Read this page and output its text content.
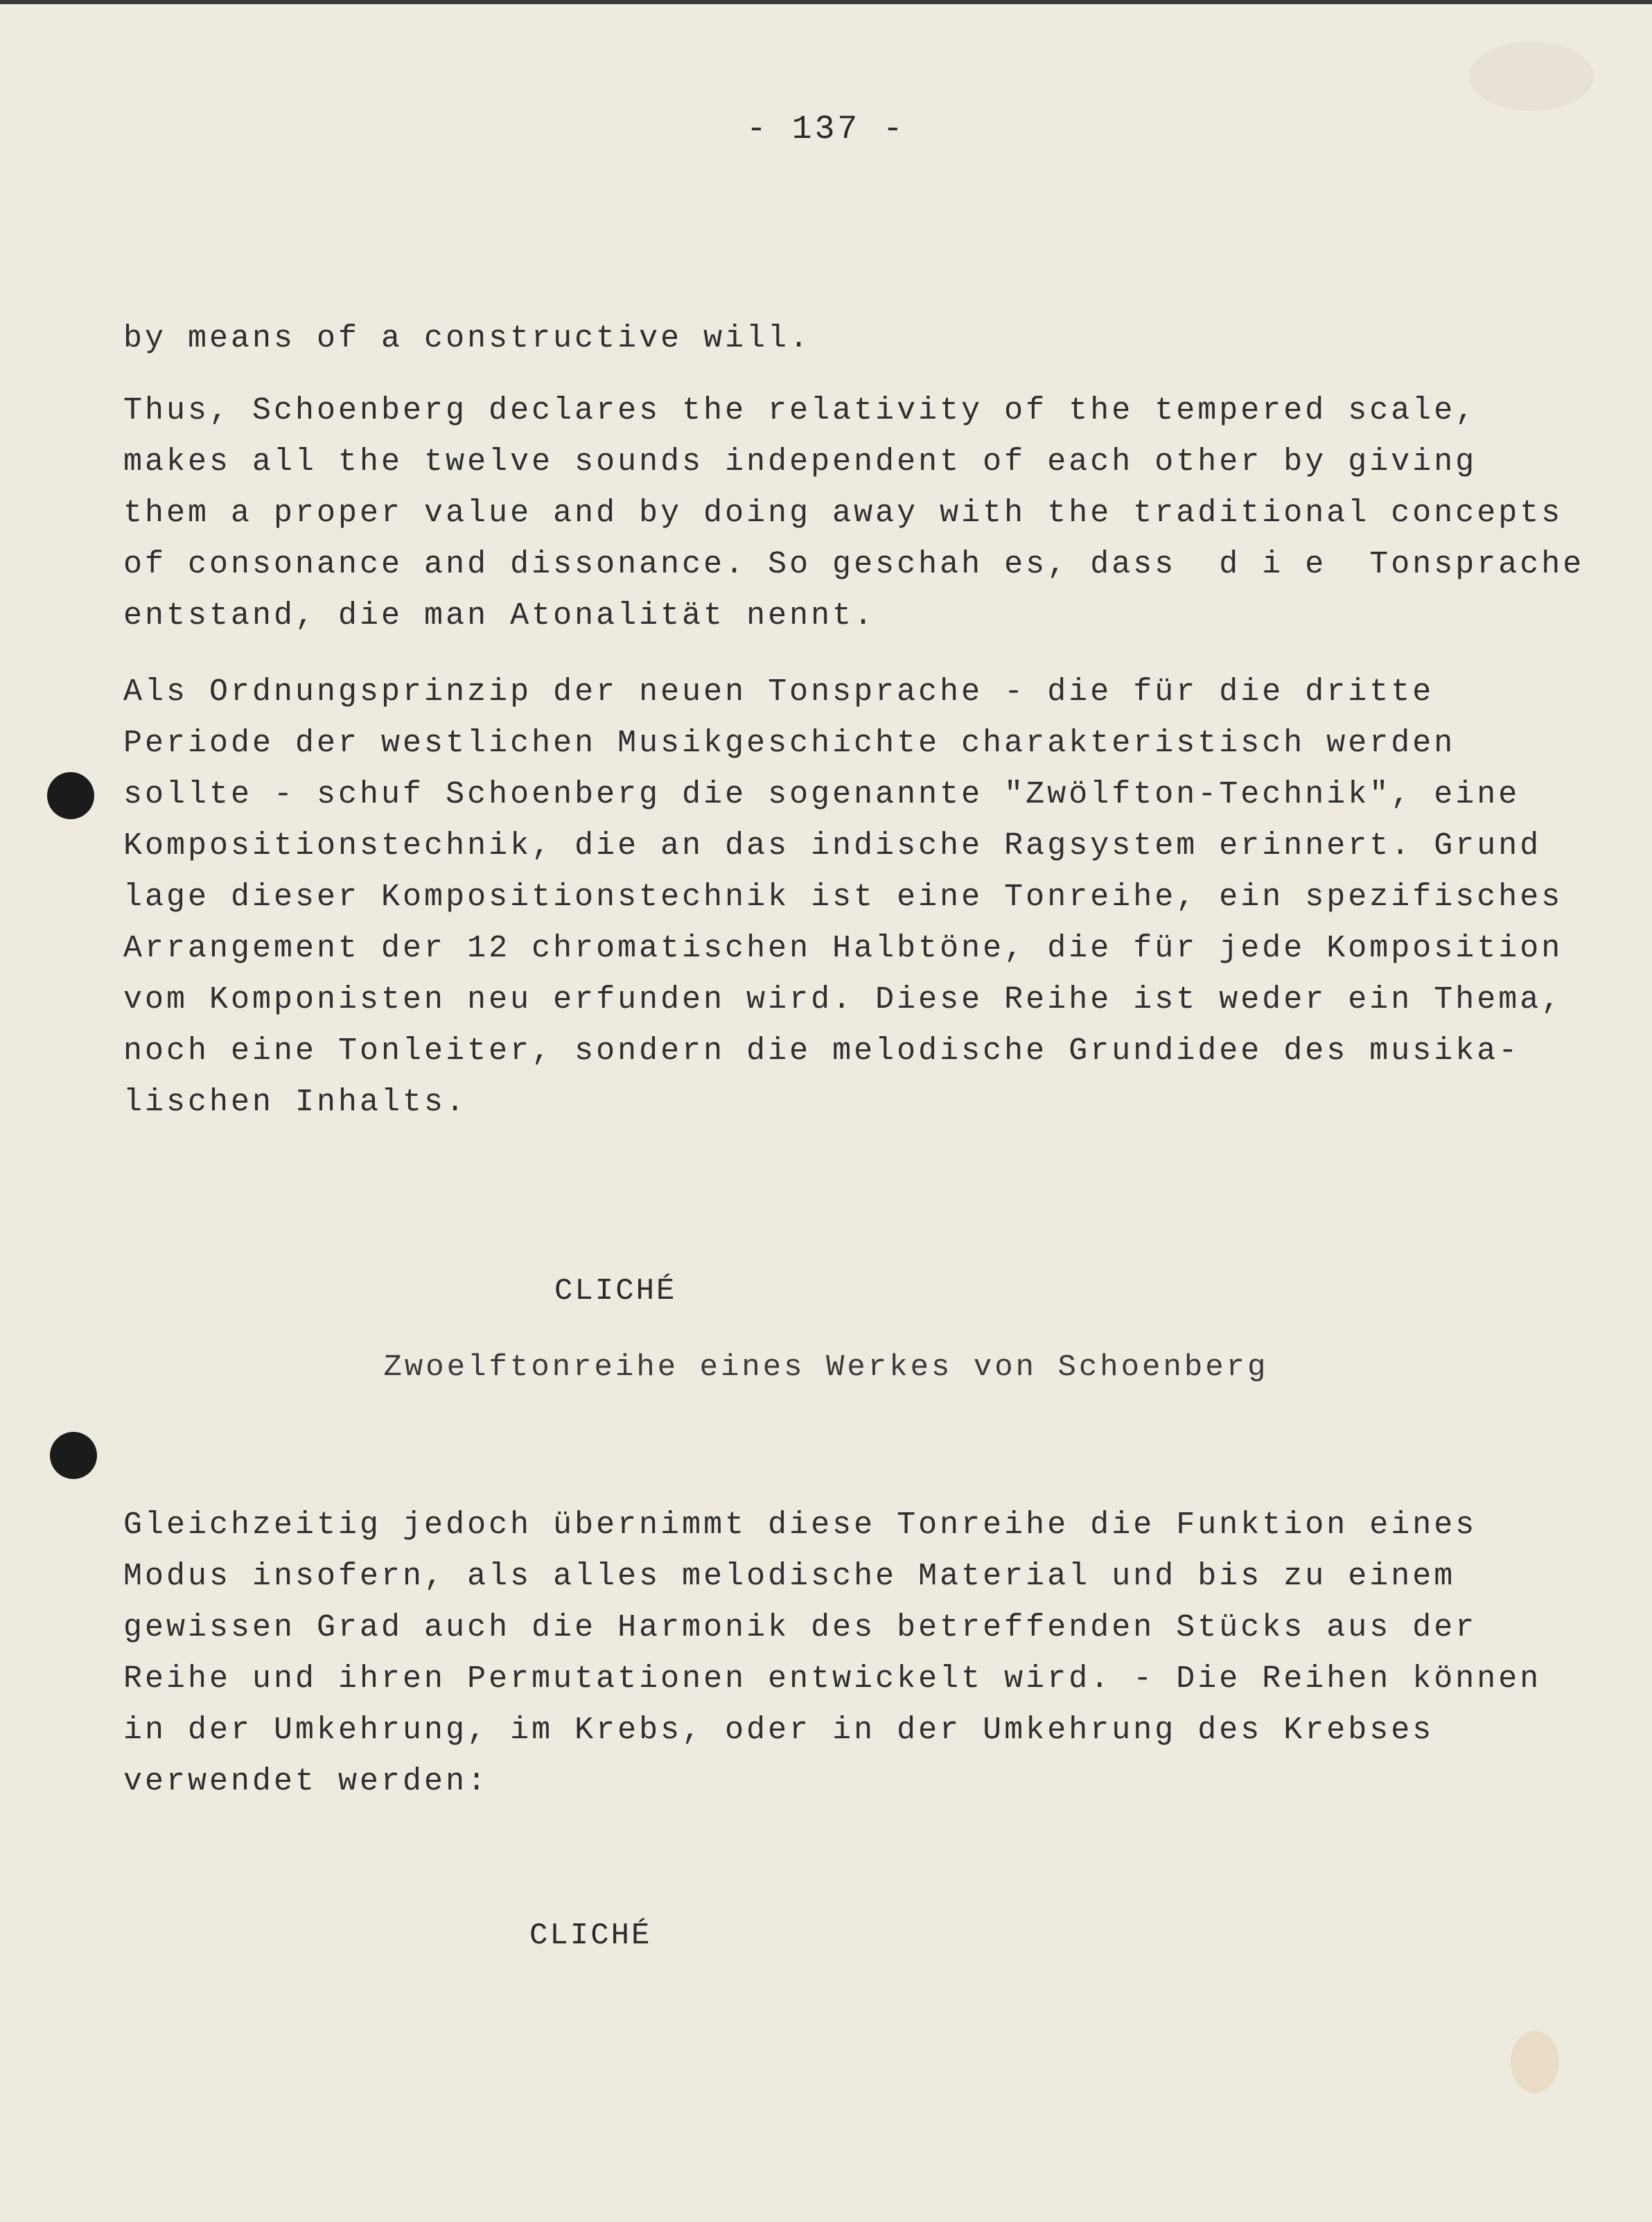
- 137 -

by means of a constructive will.

Thus, Schoenberg declares the relativity of the tempered scale,
makes all the twelve sounds independent of each other by giving
them a proper value and by doing away with the traditional concepts
of consonance and dissonance. So geschah es, dass  d i e  Tonsprache
entstand, die man Atonalität nennt.

Als Ordnungsprinzip der neuen Tonsprache - die für die dritte
Periode der westlichen Musikgeschichte charakteristisch werden
sollte - schuf Schoenberg die sogenannte "Zwölfton-Technik", eine
Kompositionstechnik, die an das indische Ragsystem erinnert. Grund
lage dieser Kompositionstechnik ist eine Tonreihe, ein spezifisches
Arrangement der 12 chromatischen Halbtöne, die für jede Komposition
vom Komponisten neu erfunden wird. Diese Reihe ist weder ein Thema,
noch eine Tonleiter, sondern die melodische Grundidee des musika-
lischen Inhalts.

CLICHÉ
Zwoelftonreihe eines Werkes von Schoenberg

Gleichzeitig jedoch übernimmt diese Tonreihe die Funktion eines
Modus insofern, als alles melodische Material und bis zu einem
gewissen Grad auch die Harmonik des betreffenden Stücks aus der
Reihe und ihren Permutationen entwickelt wird. - Die Reihen können
in der Umkehrung, im Krebs, oder in der Umkehrung des Krebses
verwendet werden:

CLICHÉ
